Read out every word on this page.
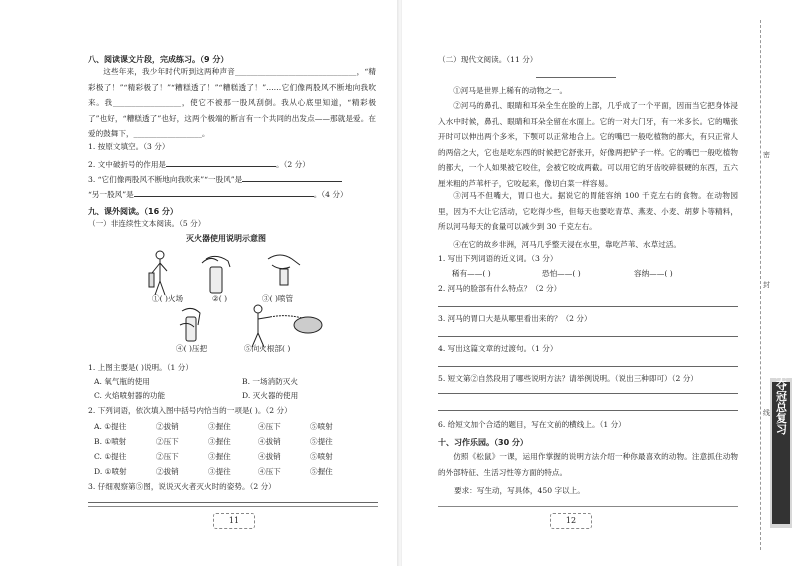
八、阅读课文片段，完成练习。（9 分）
这些年来，我少年时代听到这两种声音________________________________，“精彩极了！”“精彩极了！”“糟糕透了！”“糟糕透了！”……它们像两股风不断地向我吹来。我__________________，使它不被那一股风刮倒。我从心底里知道，“精彩极了”也好，“糟糕透了”也好，这两个极端的断言有一个共同的出发点——那就是爱。在爱的鼓舞下，__________________。
1. 按原文填空。（3 分）
2. 文中破折号的作用是	。（2 分）
3. “它们像两股风不断地向我吹来”“一股风”是
“另一股风”是	。（4 分）
九、课外阅读。（16 分）
（一）非连续性文本阅读。（5 分）
灭火器使用说明示意图
①( )火场	②( )	③( )喷管
④( )压把	⑤向火根部( )
1. 上图主要是( )说明。（1 分）
A. 氧气瓶的使用	B. 一场消防灭火
C. 火焰喷射器的功能	D. 灭火器的使用
2. 下列词语，依次填入图中括号内恰当的一项是( )。（2 分）
A. ①提往	②拔销	③握住	④压下	⑤喷射
B. ①喷射	②压下	③握住	④拔销	⑤提往
C. ①提往	②压下	③握住	④拔销	⑤喷射
D. ①喷射	②拔销	③提往	④压下	⑤握住
3. 仔细观察第⑤图，说说灭火者灭火时的姿势。（2 分）
11
（二）现代文阅读。（11 分）
①河马是世界上稀有的动物之一。
②河马的鼻孔、眼睛和耳朵全生在脸的上部，几乎成了一个平面，因而当它把身体浸入水中时候，鼻孔、眼睛和耳朵全留在水面上。它的一对大门牙，有一米多长。它的嘴张开时可以伸出两个多米，下颚可以正常地合上。它的嘴巴一般吃植物的都大，有只正常人的两倍之大，它也是吃东西的时候把它舒张开，好像两把铲子一样。它的嘴巴一般吃植物的都大，一个人如果被它咬住，会被它咬成两截。可以用它的牙齿咬碎很硬的东西，五六厘米粗的芦苇杆子，它咬起来，像切白菜一样容易。
③河马不但嘴大，胃口也大。据说它的胃能容纳 100 千克左右的食物。在动物园里，因为不大让它活动，它吃得少些，但每天也要吃青草、燕麦、小麦、胡萝卜等精料，所以河马每天的食量可以减少到 30 千克左右。
④在它的故乡非洲，河马几乎整天浸在水里，靠吃芦苇、水草过活。
1. 写出下列词语的近义词。（3 分）
稀有——( )	恐怕——( )	容纳——( )
2. 河马的脸部有什么特点？（2 分）
3. 河马的胃口大是从哪里看出来的？（2 分）
4. 写出这篇文章的过渡句。（1 分）
5. 短文第②自然段用了哪些说明方法？请举例说明。（说出三种即可）（2 分）
6. 给短文加个合适的题目，写在文前的横线上。（1 分）
十、习作乐园。（30 分）
仿照《松鼠》一课，运用作掌握的说明方法介绍一种你最喜欢的动物。注意抓住动物的外部特征、生活习性等方面的特点。
要求：写生动，写具体，450 字以上。
12
密
封
线 期末夺冠总复习
